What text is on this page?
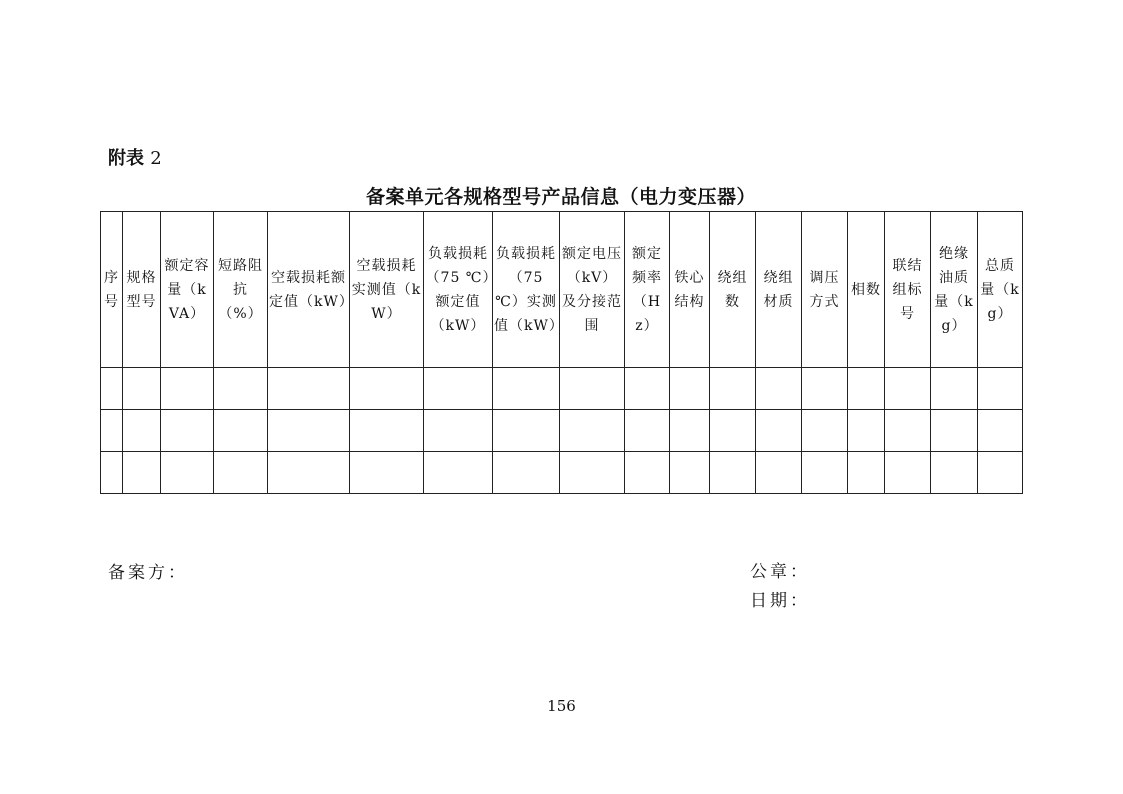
附表 2
备案单元各规格型号产品信息（电力变压器）
序号	规格型号	额定容量（kVA）	短路阻抗（%）	空载损耗额定值（kW）	空载损耗实测值（kW）	负载损耗（75 ℃）额定值（kW）	负载损耗（75 ℃）实测值（kW）	额定电压（kV）及分接范围	额定频率（Hz）	铁心结构	绕组数	绕组材质	调压方式	相数	联结组标号	绝缘油质量（kg）	总质量（kg）

备案方：	公章：
日期：
156
